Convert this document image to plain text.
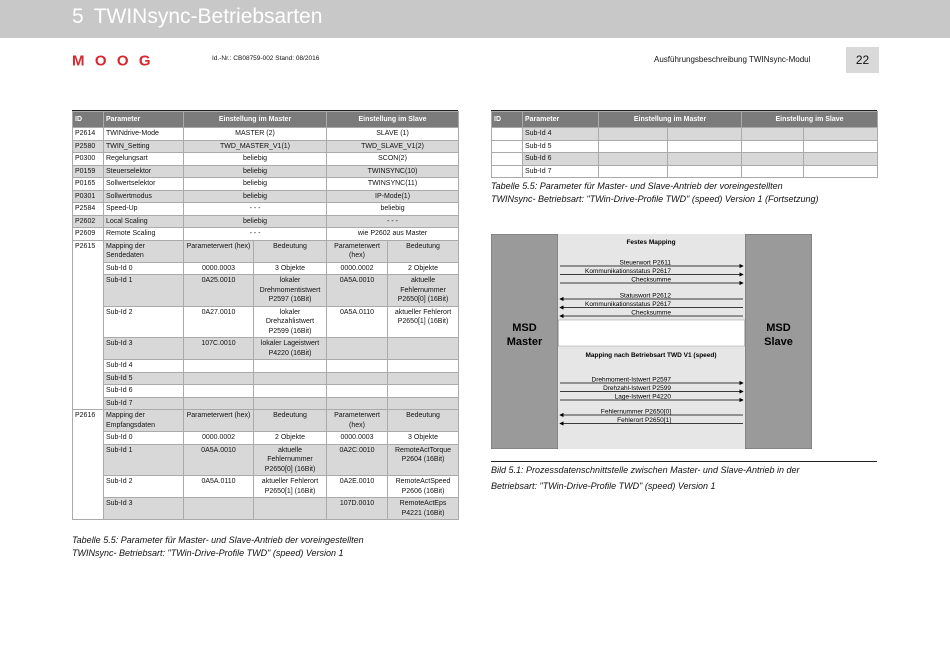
5 TWINsync-Betriebsarten
MOOG	Id.-Nr.: CB08759-002 Stand: 08/2016	Ausführungsbeschreibung TWINsync-Modul	22
ID	Parameter	Einstellung im Master		Einstellung im Slave	
P2614	TWINdrive-Mode	MASTER (2)		SLAVE (1)	
P2580	TWIN_Setting	TWD_MASTER_V1(1)		TWD_SLAVE_V1(2)	
P0300	Regelungsart	beliebig		SCON(2)	
P0159	Steuerselektor	beliebig		TWINSYNC(10)	
P0165	Sollwertselektor	beliebig		TWINSYNC(11)	
P0301	Sollwertmodus	beliebig		IP-Mode(1)	
P2584	Speed-Up	- - -		beliebig	
P2602	Local Scaling	beliebig		- - -	
P2609	Remote Scaling	- - -		wie P2602 aus Master	
P2615	Mapping der Sendedaten	Parameterwert (hex)	Bedeutung	Parameterwert (hex)	Bedeutung
	Sub-Id 0	0000.0003	3 Objekte	0000.0002	2 Objekte
	Sub-Id 1	0A25.0010	lokaler Drehmomentistwert P2597 (16Bit)	0A5A.0010	aktuelle Fehlernummer P2650[0] (16Bit)
	Sub-Id 2	0A27.0010	lokaler Drehzahlistwert P2599 (16Bit)	0A5A.0110	aktueller Fehlerort P2650[1] (16Bit)
	Sub-Id 3	107C.0010	lokaler Lageistwert P4220 (16Bit)		
	Sub-Id 4				
	Sub-Id 5				
	Sub-Id 6				
	Sub-Id 7				
P2616	Mapping der Empfangsdaten	Parameterwert (hex)	Bedeutung	Parameterwert (hex)	Bedeutung
	Sub-Id 0	0000.0002	2 Objekte	0000.0003	3 Objekte
	Sub-Id 1	0A5A.0010	aktuelle Fehlernummer P2650[0] (16Bit)	0A2C.0010	RemoteActTorque P2604 (16Bit)
	Sub-Id 2	0A5A.0110	aktueller Fehlerort P2650[1] (16Bit)	0A2E.0010	RemoteActSpeed P2606 (16Bit)
	Sub-Id 3			107D.0010	RemoteActEps P4221 (16Bit)
Tabelle 5.5: Parameter für Master- und Slave-Antrieb der voreingestellten
TWINsync- Betriebsart: "TWin-Drive-Profile TWD" (speed) Version 1
ID	Parameter	Einstellung im Master		Einstellung im Slave	
	Sub-Id 4				
	Sub-Id 5				
	Sub-Id 6				
	Sub-Id 7				
Tabelle 5.5: Parameter für Master- und Slave-Antrieb der voreingestellten
TWINsync- Betriebsart: "TWin-Drive-Profile TWD" (speed) Version 1 (Fortsetzung)
MSD
Master
MSD
Slave
Festes Mapping
Mapping nach Betriebsart TWD V1 (speed)
Steuerwort P2611
Kommunikationsstatus P2617
Checksumme
Statuswort P2612
Kommunikationsstatus P2617
Checksumme
Drehmoment-Istwert P2597
Drehzahl-Istwert P2599
Lage-Istwert P4220
Fehlernummer P2650[0]
Fehlerort P2650[1]
Bild 5.1: Prozessdatenschnittstelle zwischen Master- und Slave-Antrieb in der
Betriebsart: "TWin-Drive-Profile TWD" (speed) Version 1
